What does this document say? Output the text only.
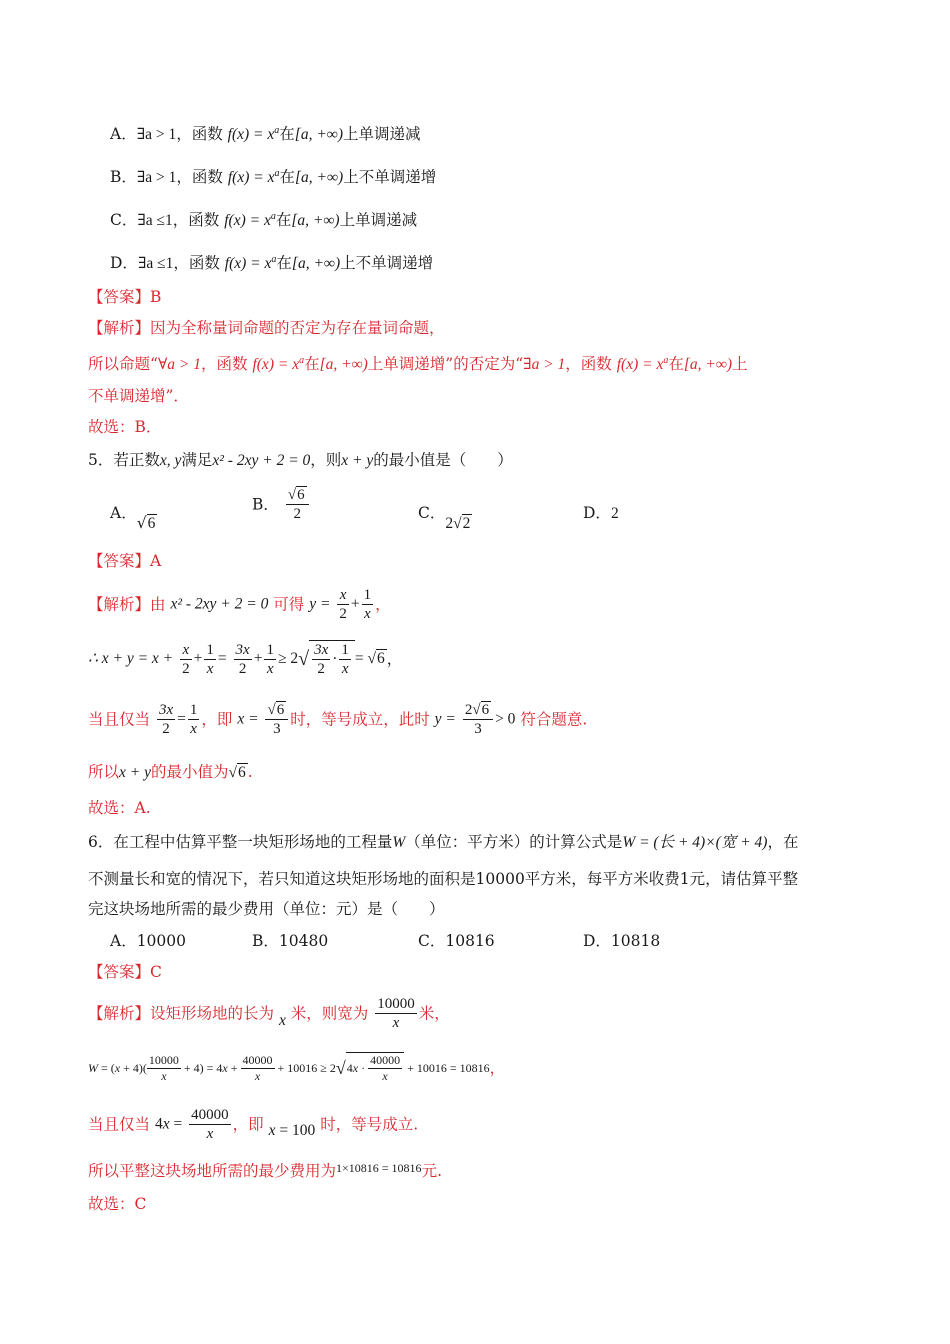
A．∃a > 1，函数 $f(x) = x^a$在[a, +∞)上单调递减
B．∃a > 1，函数 $f(x) = x^a$在[a, +∞)上不单调递增
C．∃a ≤1，函数 $f(x) = x^a$在[a, +∞)上单调递减
D．∃a ≤1，函数 $f(x) = x^a$在[a, +∞)上不单调递增
【答案】B
【解析】因为全称量词命题的否定为存在量词命题，
所以命题“∀a > 1，函数 $f(x) = x^a$在[a, +∞)上单调递增”的否定为“∃a > 1，函数 $f(x) = x^a$在[a, +∞)上
不单调递增”．
故选：B．
5．若正数x, y满足x² - 2xy + 2 = 0，则x + y的最小值是（　　）
A．√6
B． $\frac{√6}{2}$	C．2√2
D．2
【答案】A
【解析】由 x² - 2xy + 2 = 0 可得 $y = \frac{x}{2} + \frac{1}{x}$ ，
∴ $x + y = x + \frac{x}{2} + \frac{1}{x} = \frac{3x}{2} + \frac{1}{x} \ge 2√ \frac{3x}{2} \cdot \frac{1}{x} = √6$ ，
当且仅当 $\frac{3x}{2} = \frac{1}{x}$ ，即 $x = \frac{√6}{3}$ 时，等号成立，此时 $y = \frac{2√6}{3} > 0$ 符合题意.
所以x + y的最小值为√6 .
故选：A.
6．在工程中估算平整一块矩形场地的工程量W（单位：平方米）的计算公式是W = (长 + 4)×(宽 + 4)，在
不测量长和宽的情况下，若只知道这块矩形场地的面积是10000平方米，每平方米收费1元，请估算平整
完这块场地所需的最少费用（单位：元）是（　　）
A．10000	B．10480	C．10816	D．10818
【答案】C
【解析】设矩形场地的长为 x 米，则宽为 $\frac{10000}{x}$ 米，
$W = (x + 4)( \frac{10000}{x} + 4) = 4x + \frac{40000}{x} + 10016 \ge 2√4x \cdot \frac{40000}{x} + 10016 = 10816$，
当且仅当 $4x = \frac{40000}{x}$ ，即 x = 100 时，等号成立.
所以平整这块场地所需的最少费用为$^{1\times 10816 = 10816}$元.
故选：C
